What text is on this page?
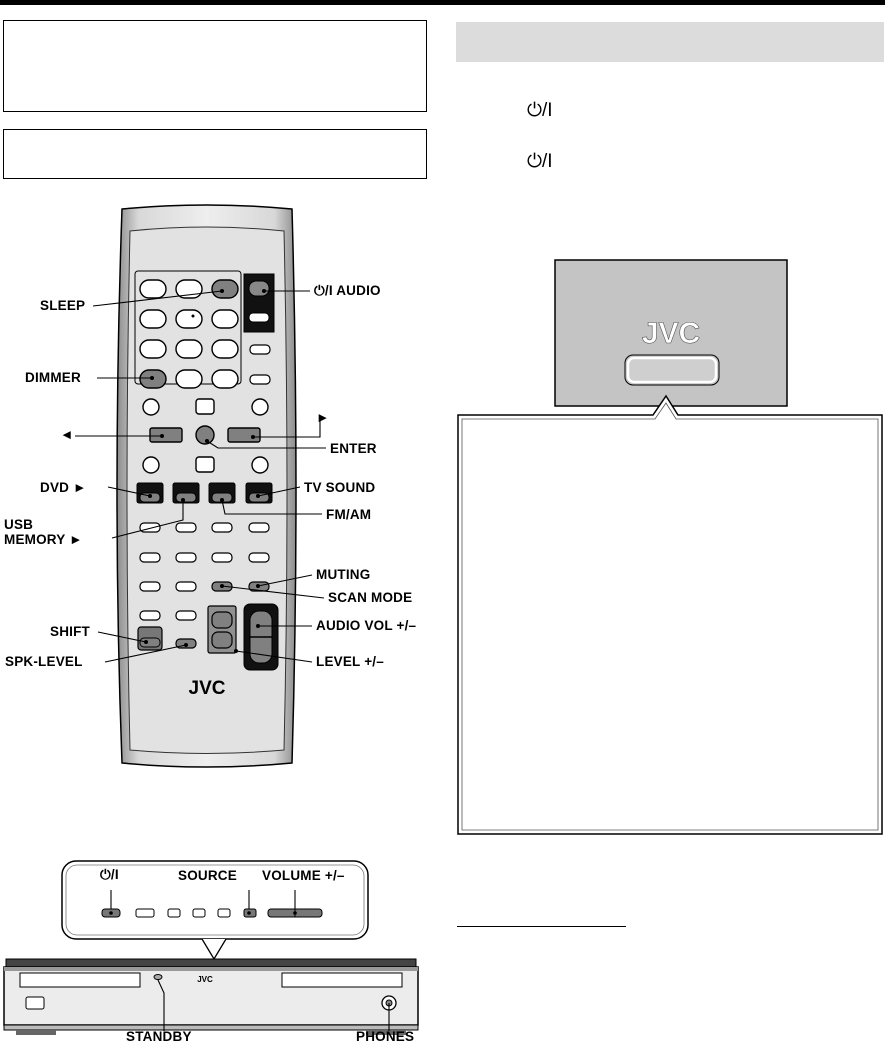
⏻/I
⏻/I
JVC
SLEEP
⏻/I AUDIO
DIMMER
►
◄
ENTER
DVD ►	TV SOUND
USB
MEMORY ►
FM/AM
MUTING
SCAN MODE
SHIFT	AUDIO VOL +/–
SPK-LEVEL	LEVEL +/–
JVC
JVC
⏻/I	SOURCE VOLUME +/–
STANDBY	PHONES
